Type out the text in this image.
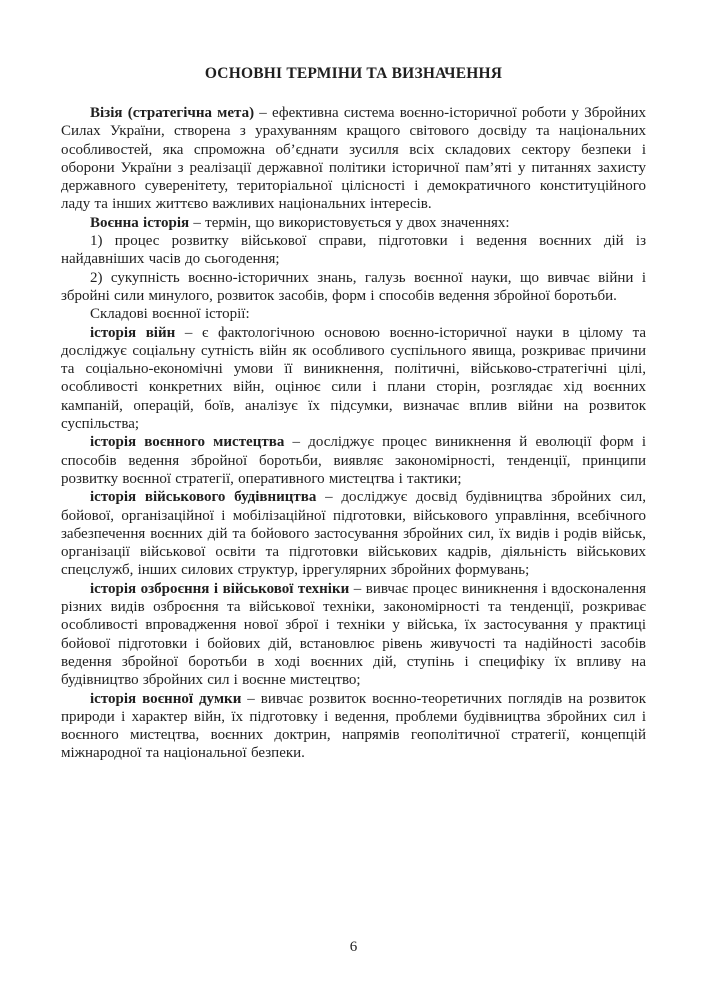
ОСНОВНІ ТЕРМІНИ ТА ВИЗНАЧЕННЯ

Візія (стратегічна мета) – ефективна система воєнно-історичної роботи у Збройних Силах України, створена з урахуванням кращого світового досвіду та національних особливостей, яка спроможна об’єднати зусилля всіх складових сектору безпеки і оборони України з реалізації державної політики історичної пам’яті у питаннях захисту державного суверенітету, територіальної цілісності і демократичного конституційного ладу та інших життєво важливих національних інтересів.

Воєнна історія – термін, що використовується у двох значеннях:

1) процес розвитку військової справи, підготовки і ведення воєнних дій із найдавніших часів до сьогодення;

2) сукупність воєнно-історичних знань, галузь воєнної науки, що вивчає війни і збройні сили минулого, розвиток засобів, форм і способів ведення збройної боротьби.

Складові воєнної історії:

історія війн – є фактологічною основою воєнно-історичної науки в цілому та досліджує соціальну сутність війн як особливого суспільного явища, розкриває причини та соціально-економічні умови її виникнення, політичні, військово-стратегічні цілі, особливості конкретних війн, оцінює сили і плани сторін, розглядає хід воєнних кампаній, операцій, боїв, аналізує їх підсумки, визначає вплив війни на розвиток суспільства;

історія воєнного мистецтва – досліджує процес виникнення й еволюції форм і способів ведення збройної боротьби, виявляє закономірності, тенденції, принципи розвитку воєнної стратегії, оперативного мистецтва і тактики;

історія військового будівництва – досліджує досвід будівництва збройних сил, бойової, організаційної і мобілізаційної підготовки, військового управління, всебічного забезпечення воєнних дій та бойового застосування збройних сил, їх видів і родів військ, організації військової освіти та підготовки військових кадрів, діяльність військових спецслужб, інших силових структур, іррегулярних збройних формувань;

історія озброєння і військової техніки – вивчає процес виникнення і вдосконалення різних видів озброєння та військової техніки, закономірності та тенденції, розкриває особливості впровадження нової зброї і техніки у війська, їх застосування у практиці бойової підготовки і бойових дій, встановлює рівень живучості та надійності засобів ведення збройної боротьби в ході воєнних дій, ступінь і специфіку їх впливу на будівництво збройних сил і воєнне мистецтво;

історія воєнної думки – вивчає розвиток воєнно-теоретичних поглядів на розвиток природи і характер війн, їх підготовку і ведення, проблеми будівництва збройних сил і воєнного мистецтва, воєнних доктрин, напрямів геополітичної стратегії, концепцій міжнародної та національної безпеки.

6
